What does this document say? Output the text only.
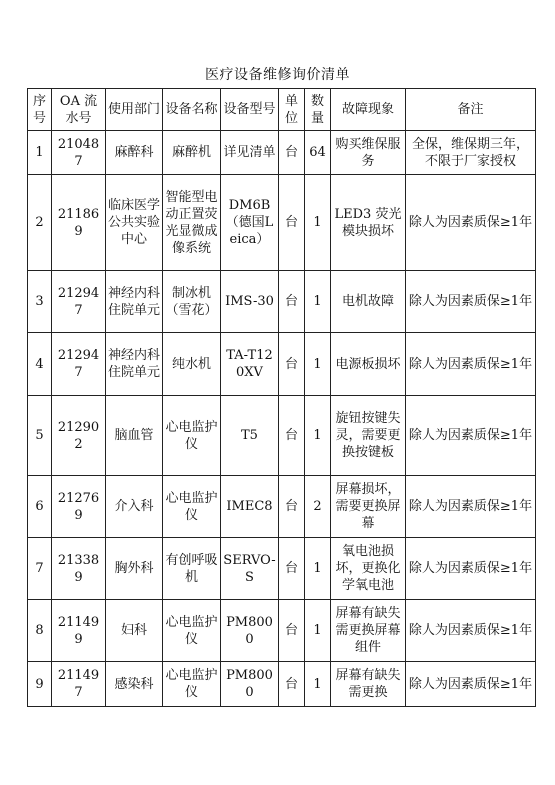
医疗设备维修询价清单
序号	OA 流水号	使用部门	设备名称	设备型号	单位	数量	故障现象	备注
1	210487	麻醉科	麻醉机	详见清单	台	64	购买维保服务	全保，维保期三年，不限于厂家授权
2	211869	临床医学公共实验中心	智能型电动正置荧光显微成像系统	DM6B（德国Leica）	台	1	LED3 荧光模块损坏	除人为因素质保≥1年
3	212947	神经内科住院单元	制冰机（雪花）	IMS-30	台	1	电机故障	除人为因素质保≥1年
4	212947	神经内科住院单元	纯水机	TA-T12 0XV	台	1	电源板损坏	除人为因素质保≥1年
5	212902	脑血管	心电监护仪	T5	台	1	旋钮按键失灵，需要更换按键板	除人为因素质保≥1年
6	212769	介入科	心电监护仪	IMEC8	台	2	屏幕损坏，需要更换屏幕	除人为因素质保≥1年
7	213389	胸外科	有创呼吸机	SERVO-S	台	1	氧电池损坏，更换化学氧电池	除人为因素质保≥1年
8	211499	妇科	心电监护仪	PM8000	台	1	屏幕有缺失需更换屏幕组件	除人为因素质保≥1年
9	211497	感染科	心电监护仪	PM8000	台	1	屏幕有缺失需更换	除人为因素质保≥1年
